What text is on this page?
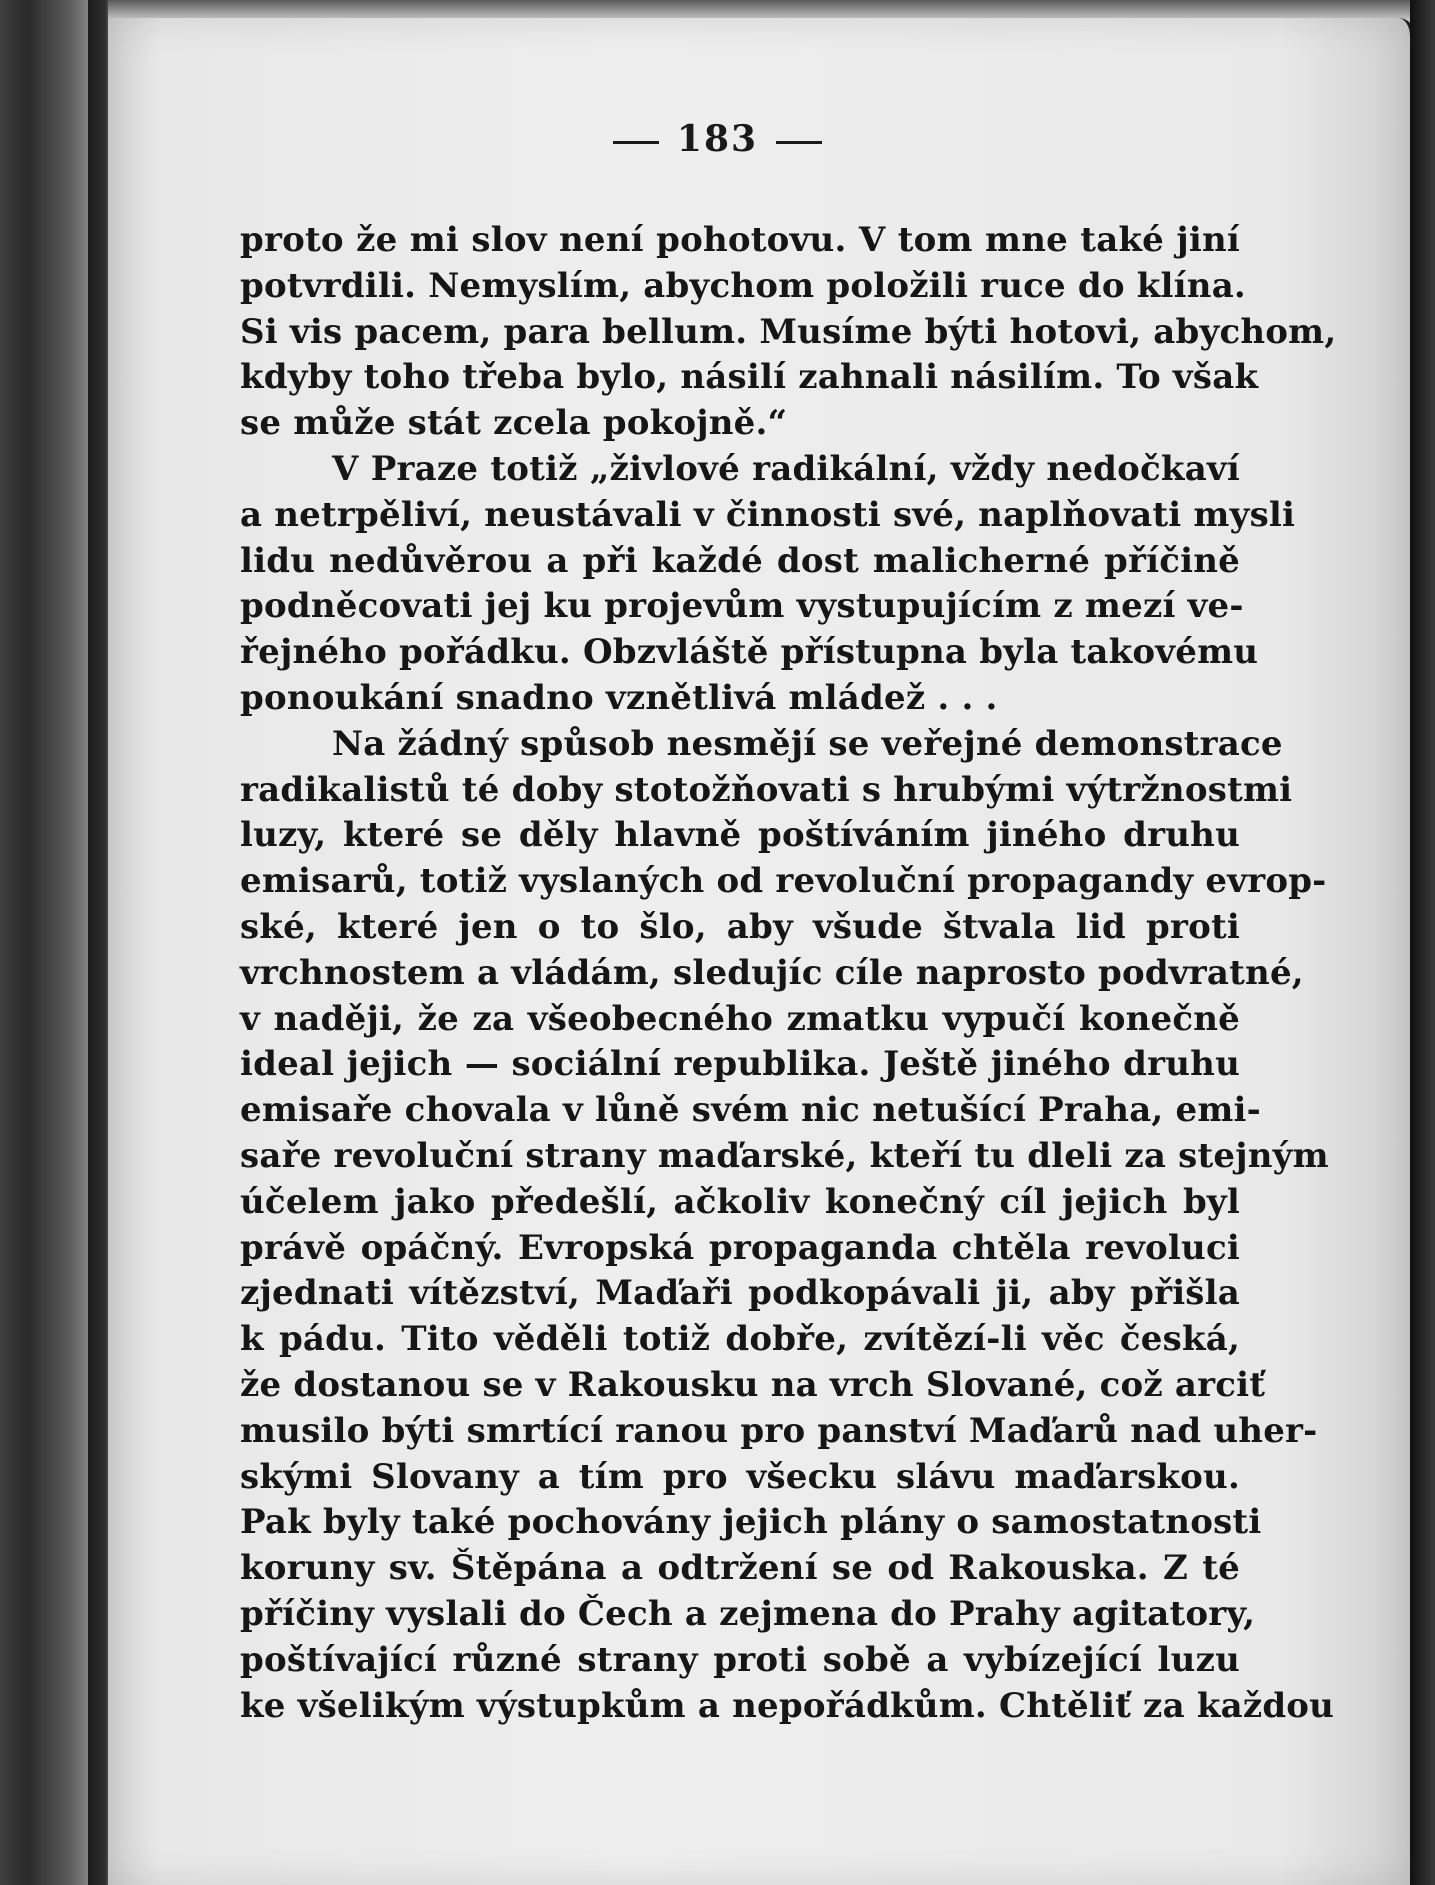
183
proto že mi slov není pohotovu. V tom mne také jiní
potvrdili. Nemyslím, abychom položili ruce do klína.
Si vis pacem, para bellum. Musíme býti hotovi, abychom,
kdyby toho třeba bylo, násilí zahnali násilím. To však
se může stát zcela pokojně.“
V Praze totiž „živlové radikální, vždy nedočkaví
a netrpěliví, neustávali v činnosti své, naplňovati mysli
lidu nedůvěrou a při každé dost malicherné příčině
podněcovati jej ku projevům vystupujícím z mezí ve-
řejného pořádku. Obzvláště přístupna byla takovému
ponoukání snadno vznětlivá mládež . . .
Na žádný spůsob nesmějí se veřejné demonstrace
radikalistů té doby stotožňovati s hrubými výtržnostmi
luzy, které se děly hlavně poštíváním jiného druhu
emisarů, totiž vyslaných od revoluční propagandy evrop-
ské, které jen o to šlo, aby všude štvala lid proti
vrchnostem a vládám, sledujíc cíle naprosto podvratné,
v naději, že za všeobecného zmatku vypučí konečně
ideal jejich — sociální republika. Ještě jiného druhu
emisaře chovala v lůně svém nic netušící Praha, emi-
saře revoluční strany maďarské, kteří tu dleli za stejným
účelem jako předešlí, ačkoliv konečný cíl jejich byl
právě opáčný. Evropská propaganda chtěla revoluci
zjednati vítězství, Maďaři podkopávali ji, aby přišla
k pádu. Tito věděli totiž dobře, zvítězí-li věc česká,
že dostanou se v Rakousku na vrch Slované, což arciť
musilo býti smrtící ranou pro panství Maďarů nad uher-
skými Slovany a tím pro všecku slávu maďarskou.
Pak byly také pochovány jejich plány o samostatnosti
koruny sv. Štěpána a odtržení se od Rakouska. Z té
příčiny vyslali do Čech a zejmena do Prahy agitatory,
poštívající různé strany proti sobě a vybízející luzu
ke všelikým výstupkům a nepořádkům. Chtěliť za každou
